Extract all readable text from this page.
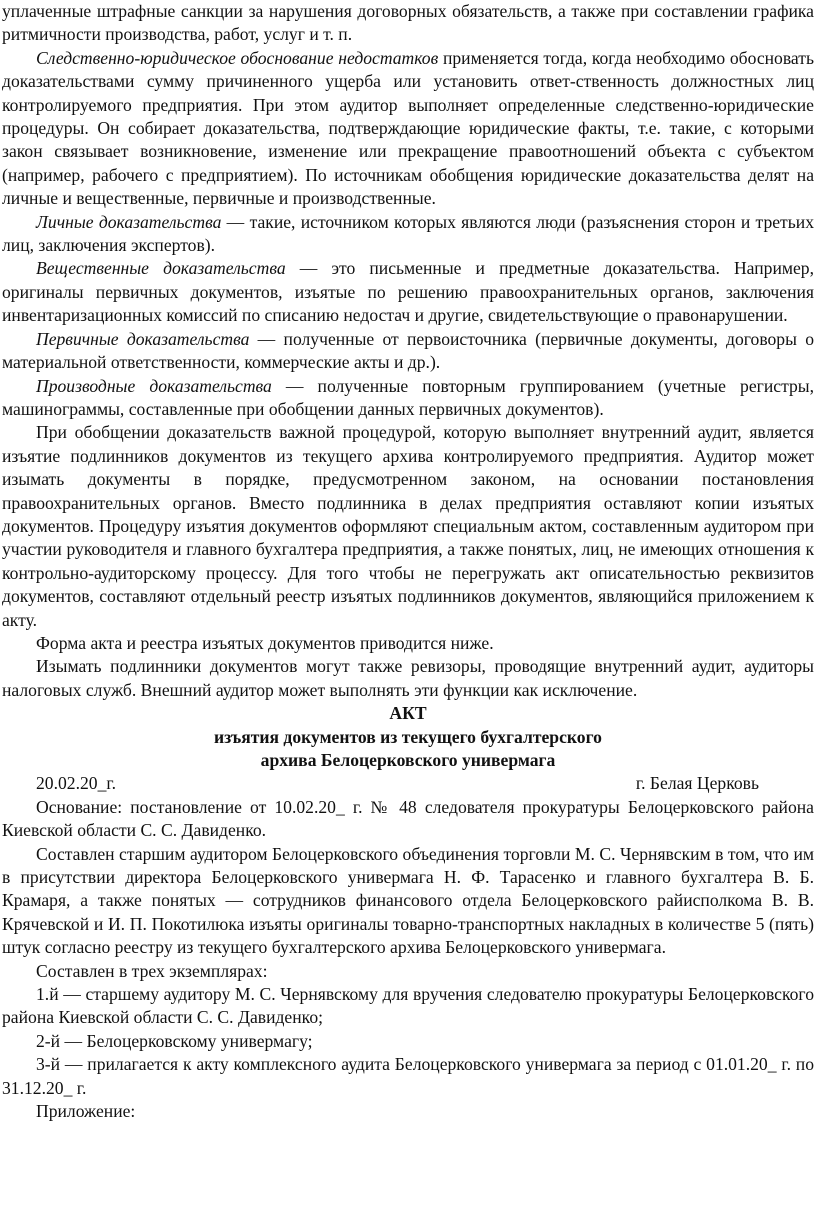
уплаченные штрафные санкции за нарушения договорных обязательств, а также при составлении графика ритмичности производства, работ, услуг и т. п.

Следственно-юридическое обоснование недостатков применяется тогда, когда необходимо обосновать доказательствами сумму причиненного ущерба или установить ответ-ственность должностных лиц контролируемого предприятия. При этом аудитор выполняет определенные следственно-юридические процедуры. Он собирает доказательства, подтверждающие юридические факты, т.е. такие, с которыми закон связывает возникновение, изменение или прекращение правоотношений объекта с субъектом (например, рабочего с предприятием). По источникам обобщения юридические доказательства делят на личные и вещественные, первичные и производственные.

Личные доказательства — такие, источником которых являются люди (разъяснения сторон и третьих лиц, заключения экспертов).

Вещественные доказательства — это письменные и предметные доказательства. Например, оригиналы первичных документов, изъятые по решению правоохранительных органов, заключения инвентаризационных комиссий по списанию недостач и другие, свидетельствующие о правонарушении.

Первичные доказательства — полученные от первоисточника (первичные документы, договоры о материальной ответственности, коммерческие акты и др.).

Производные доказательства — полученные повторным группированием (учетные регистры, машинограммы, составленные при обобщении данных первичных документов).

При обобщении доказательств важной процедурой, которую выполняет внутренний аудит, является изъятие подлинников документов из текущего архива контролируемого предприятия. Аудитор может изымать документы в порядке, предусмотренном законом, на основании постановления правоохранительных органов. Вместо подлинника в делах предприятия оставляют копии изъятых документов. Процедуру изъятия документов оформляют специальным актом, составленным аудитором при участии руководителя и главного бухгалтера предприятия, а также понятых, лиц, не имеющих отношения к контрольно-аудиторскому процессу. Для того чтобы не перегружать акт описательностью реквизитов документов, составляют отдельный реестр изъятых подлинников документов, являющийся приложением к акту.

Форма акта и реестра изъятых документов приводится ниже.

Изымать подлинники документов могут также ревизоры, проводящие внутренний аудит, аудиторы налоговых служб. Внешний аудитор может выполнять эти функции как исключение.

АКТ

изъятия документов из текущего бухгалтерского

архива Белоцерковского универмага

20.02.20_г.	г. Белая Церковь

Основание: постановление от 10.02.20_ г. № 48 следователя прокуратуры Белоцерковского района Киевской области С. С. Давиденко.

Составлен старшим аудитором Белоцерковского объединения торговли М. С. Чернявским в том, что им в присутствии директора Белоцерковского универмага Н. Ф. Тарасенко и главного бухгалтера В. Б. Крамаря, а также понятых — сотрудников финансового отдела Белоцерковского райисполкома В. В. Крячевской и И. П. Покотилюка изъяты оригиналы товарно-транспортных накладных в количестве 5 (пять) штук согласно реестру из текущего бухгалтерского архива Белоцерковского универмага.

Составлен в трех экземплярах:

1.й — старшему аудитору М. С. Чернявскому для вручения следователю прокуратуры Белоцерковского района Киевской области С. С. Давиденко;

2-й — Белоцерковскому универмагу;

3-й — прилагается к акту комплексного аудита Белоцерковского универмага за период с 01.01.20_ г. по 31.12.20_ г.

Приложение:
